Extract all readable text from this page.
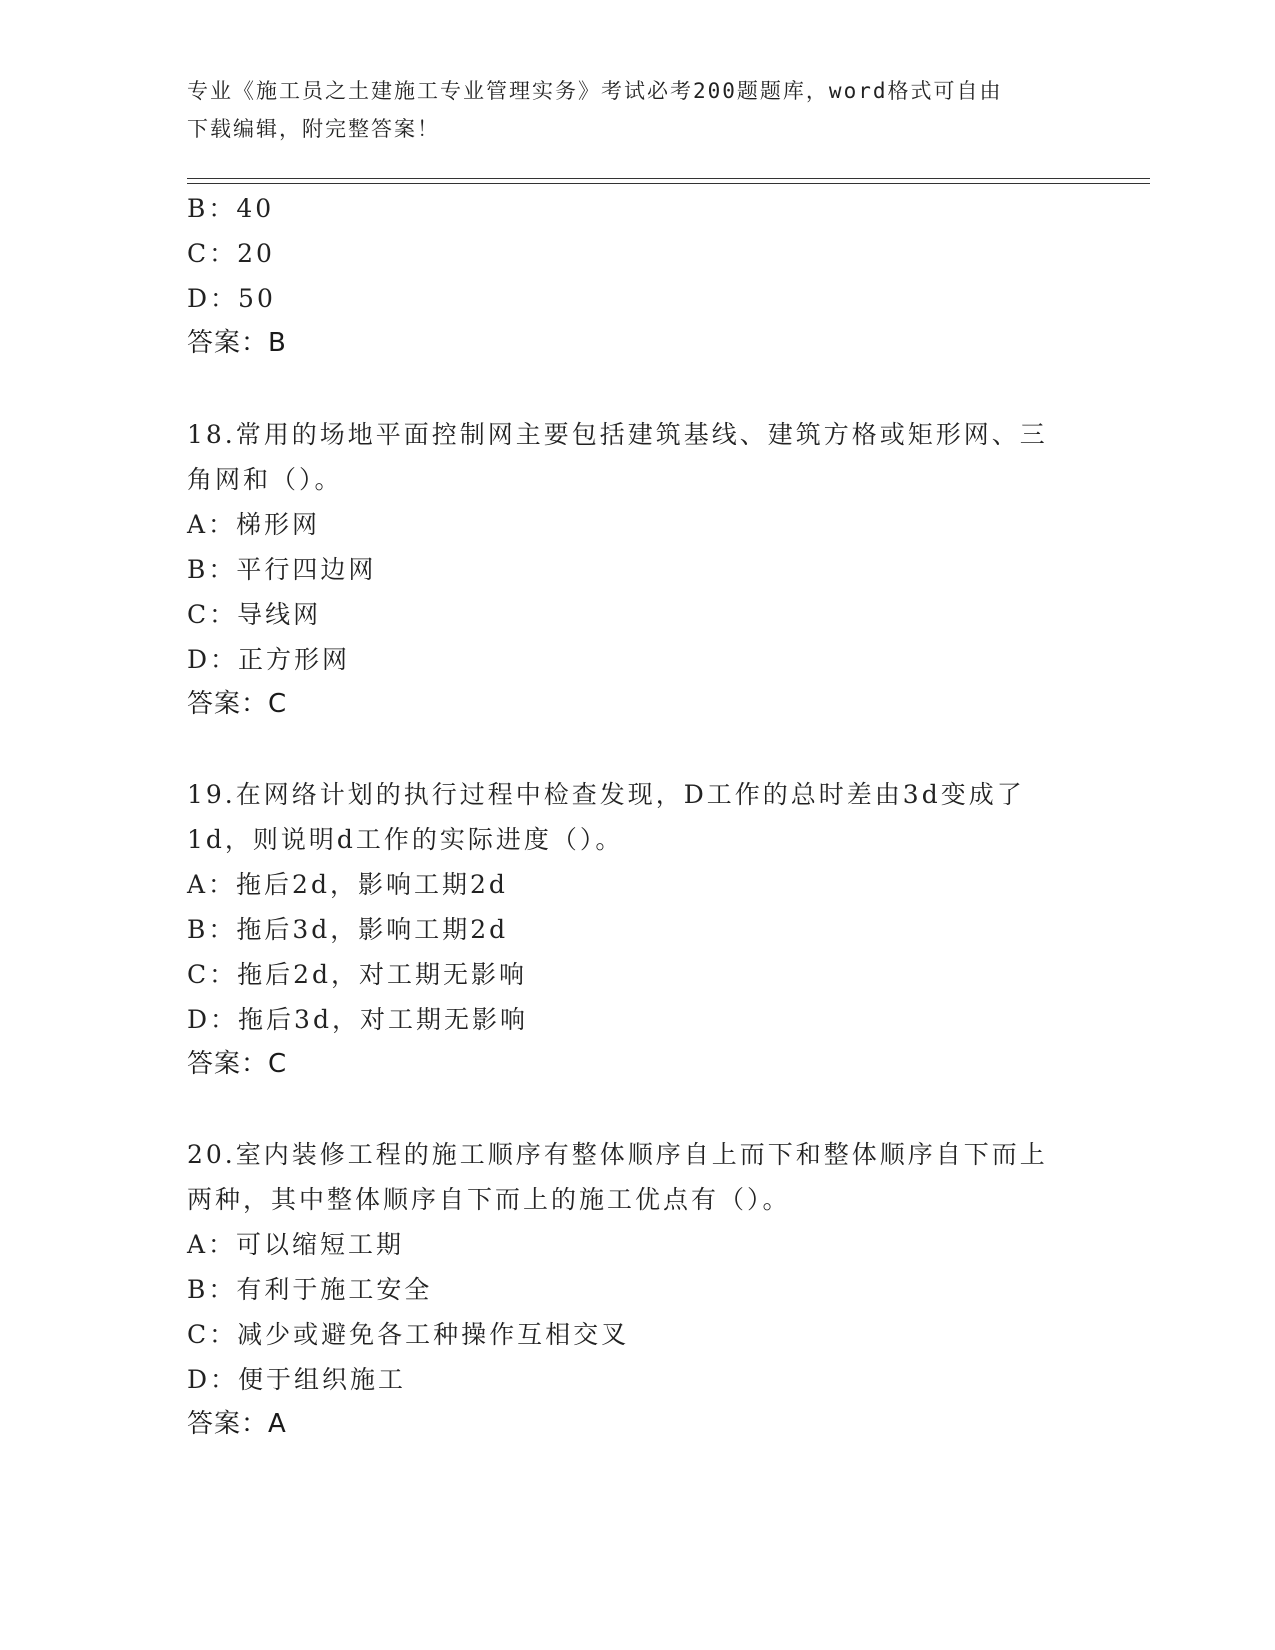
专业《施工员之土建施工专业管理实务》考试必考200题题库，word格式可自由
下载编辑，附完整答案！
B：40
C：20
D：50
答案：B
18.常用的场地平面控制网主要包括建筑基线、建筑方格或矩形网、三
角网和（）。
A：梯形网
B：平行四边网
C：导线网
D：正方形网
答案：C
19.在网络计划的执行过程中检查发现，D工作的总时差由3d变成了
1d，则说明d工作的实际进度（）。
A：拖后2d，影响工期2d
B：拖后3d，影响工期2d
C：拖后2d，对工期无影响
D：拖后3d，对工期无影响
答案：C
20.室内装修工程的施工顺序有整体顺序自上而下和整体顺序自下而上
两种，其中整体顺序自下而上的施工优点有（）。
A：可以缩短工期
B：有利于施工安全
C：减少或避免各工种操作互相交叉
D：便于组织施工
答案：A
